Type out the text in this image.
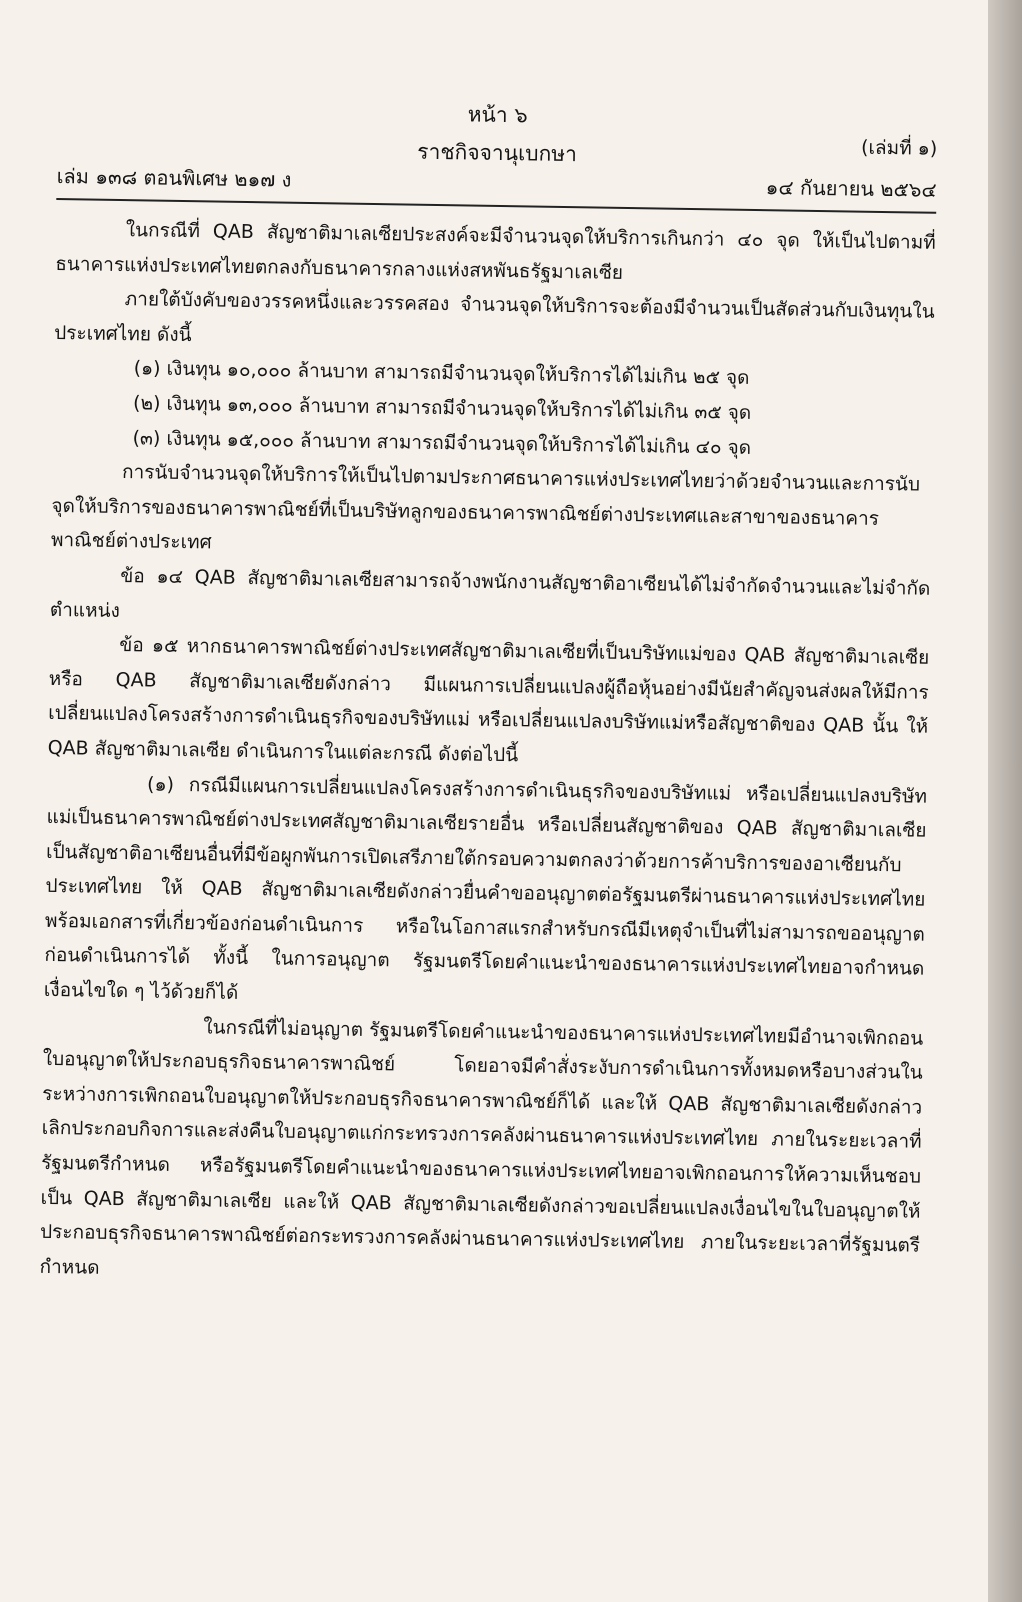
หน้า ๖
(เล่มที่ ๑)
ราชกิจจานุเบกษา
เล่ม ๑๓๘ ตอนพิเศษ ๒๑๗ ง	๑๔ กันยายน ๒๕๖๔

ในกรณีที่ QAB สัญชาติมาเลเซียประสงค์จะมีจำนวนจุดให้บริการเกินกว่า ๔๐ จุด ให้เป็นไปตามที่ธนาคารแห่งประเทศไทยตกลงกับธนาคารกลางแห่งสหพันธรัฐมาเลเซีย

ภายใต้บังคับของวรรคหนึ่งและวรรคสอง จำนวนจุดให้บริการจะต้องมีจำนวนเป็นสัดส่วนกับเงินทุนในประเทศไทย ดังนี้

(๑) เงินทุน ๑๐,๐๐๐ ล้านบาท สามารถมีจำนวนจุดให้บริการได้ไม่เกิน ๒๕ จุด

(๒) เงินทุน ๑๓,๐๐๐ ล้านบาท สามารถมีจำนวนจุดให้บริการได้ไม่เกิน ๓๕ จุด

(๓) เงินทุน ๑๕,๐๐๐ ล้านบาท สามารถมีจำนวนจุดให้บริการได้ไม่เกิน ๔๐ จุด

การนับจำนวนจุดให้บริการให้เป็นไปตามประกาศธนาคารแห่งประเทศไทยว่าด้วยจำนวนและการนับจุดให้บริการของธนาคารพาณิชย์ที่เป็นบริษัทลูกของธนาคารพาณิชย์ต่างประเทศและสาขาของธนาคารพาณิชย์ต่างประเทศ

ข้อ ๑๔ QAB สัญชาติมาเลเซียสามารถจ้างพนักงานสัญชาติอาเซียนได้ไม่จำกัดจำนวนและไม่จำกัดตำแหน่ง

ข้อ ๑๕ หากธนาคารพาณิชย์ต่างประเทศสัญชาติมาเลเซียที่เป็นบริษัทแม่ของ QAB สัญชาติมาเลเซียหรือ QAB สัญชาติมาเลเซียดังกล่าว มีแผนการเปลี่ยนแปลงผู้ถือหุ้นอย่างมีนัยสำคัญจนส่งผลให้มีการเปลี่ยนแปลงโครงสร้างการดำเนินธุรกิจของบริษัทแม่ หรือเปลี่ยนแปลงบริษัทแม่หรือสัญชาติของ QAB นั้น ให้ QAB สัญชาติมาเลเซีย ดำเนินการในแต่ละกรณี ดังต่อไปนี้

(๑) กรณีมีแผนการเปลี่ยนแปลงโครงสร้างการดำเนินธุรกิจของบริษัทแม่ หรือเปลี่ยนแปลงบริษัทแม่เป็นธนาคารพาณิชย์ต่างประเทศสัญชาติมาเลเซียรายอื่น หรือเปลี่ยนสัญชาติของ QAB สัญชาติมาเลเซียเป็นสัญชาติอาเซียนอื่นที่มีข้อผูกพันการเปิดเสรีภายใต้กรอบความตกลงว่าด้วยการค้าบริการของอาเซียนกับประเทศไทย ให้ QAB สัญชาติมาเลเซียดังกล่าวยื่นคำขออนุญาตต่อรัฐมนตรีผ่านธนาคารแห่งประเทศไทยพร้อมเอกสารที่เกี่ยวข้องก่อนดำเนินการ หรือในโอกาสแรกสำหรับกรณีมีเหตุจำเป็นที่ไม่สามารถขออนุญาตก่อนดำเนินการได้ ทั้งนี้ ในการอนุญาต รัฐมนตรีโดยคำแนะนำของธนาคารแห่งประเทศไทยอาจกำหนดเงื่อนไขใด ๆ ไว้ด้วยก็ได้

ในกรณีที่ไม่อนุญาต รัฐมนตรีโดยคำแนะนำของธนาคารแห่งประเทศไทยมีอำนาจเพิกถอนใบอนุญาตให้ประกอบธุรกิจธนาคารพาณิชย์ โดยอาจมีคำสั่งระงับการดำเนินการทั้งหมดหรือบางส่วนในระหว่างการเพิกถอนใบอนุญาตให้ประกอบธุรกิจธนาคารพาณิชย์ก็ได้ และให้ QAB สัญชาติมาเลเซียดังกล่าวเลิกประกอบกิจการและส่งคืนใบอนุญาตแก่กระทรวงการคลังผ่านธนาคารแห่งประเทศไทย ภายในระยะเวลาที่รัฐมนตรีกำหนด หรือรัฐมนตรีโดยคำแนะนำของธนาคารแห่งประเทศไทยอาจเพิกถอนการให้ความเห็นชอบเป็น QAB สัญชาติมาเลเซีย และให้ QAB สัญชาติมาเลเซียดังกล่าวขอเปลี่ยนแปลงเงื่อนไขในใบอนุญาตให้ประกอบธุรกิจธนาคารพาณิชย์ต่อกระทรวงการคลังผ่านธนาคารแห่งประเทศไทย ภายในระยะเวลาที่รัฐมนตรีกำหนด
